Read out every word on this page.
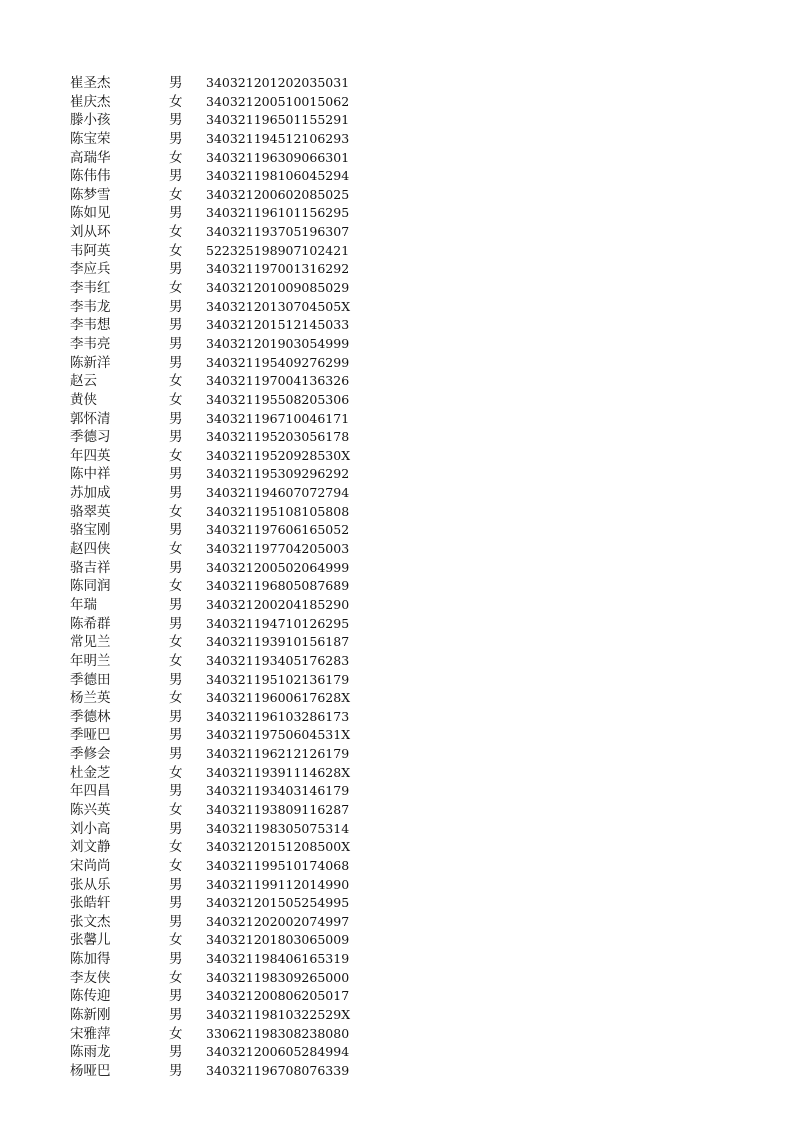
崔圣杰	男 340321201202035031
崔庆杰	女 340321200510015062
滕小孩	男 340321196501155291
陈宝荣	男 340321194512106293
高瑞华	女 340321196309066301
陈伟伟	男 340321198106045294
陈梦雪	女 340321200602085025
陈如见	男 340321196101156295
刘从环	女 340321193705196307
韦阿英	女 522325198907102421
李应兵	男 340321197001316292
李韦红	女 340321201009085029
李韦龙	男 34032120130704505X
李韦想	男 340321201512145033
李韦亮	男 340321201903054999
陈新洋	男 340321195409276299
赵云	女 340321197004136326
黄侠	女 340321195508205306
郭怀清	男 340321196710046171
季德习	男 340321195203056178
年四英	女 34032119520928530X
陈中祥	男 340321195309296292
苏加成	男 340321194607072794
骆翠英	女 340321195108105808
骆宝刚	男 340321197606165052
赵四侠	女 340321197704205003
骆吉祥	男 340321200502064999
陈同润	女 340321196805087689
年瑞	男 340321200204185290
陈希群	男 340321194710126295
常见兰	女 340321193910156187
年明兰	女 340321193405176283
季德田	男 340321195102136179
杨兰英	女 34032119600617628X
季德林	男 340321196103286173
季哑巴	男 34032119750604531X
季修会	男 340321196212126179
杜金芝	女 34032119391114628X
年四昌	男 340321193403146179
陈兴英	女 340321193809116287
刘小高	男 340321198305075314
刘文静	女 34032120151208500X
宋尚尚	女 340321199510174068
张从乐	男 340321199112014990
张皓轩	男 340321201505254995
张文杰	男 340321202002074997
张馨儿	女 340321201803065009
陈加得	男 340321198406165319
李友侠	女 340321198309265000
陈传迎	男 340321200806205017
陈新刚	男 34032119810322529X
宋雅萍	女 330621198308238080
陈雨龙	男 340321200605284994
杨哑巴	男 340321196708076339
